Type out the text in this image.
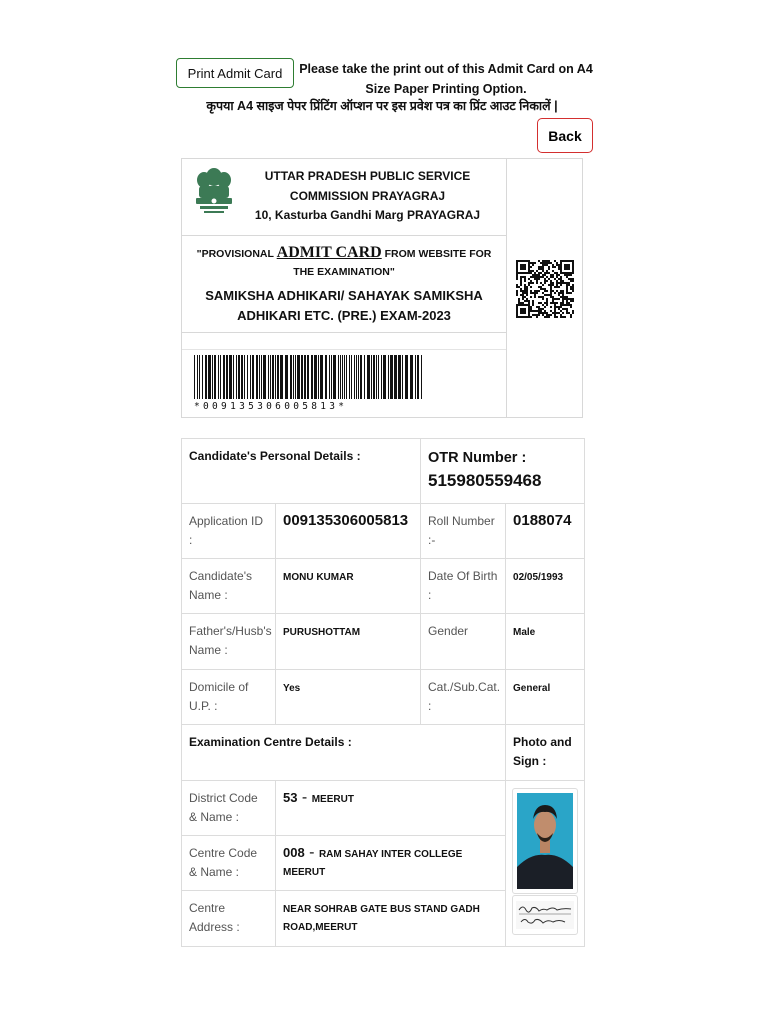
Print Admit Card	Please take the print out of this Admit Card on A4 Size Paper Printing Option.
कृपया A4 साइज पेपर प्रिंटिंग ऑप्शन पर इस प्रवेश पत्र का प्रिंट आउट निकालें |
Back
UTTAR PRADESH PUBLIC SERVICE
COMMISSION PRAYAGRAJ
10, Kasturba Gandhi Marg PRAYAGRAJ
"PROVISIONAL ADMIT CARD FROM WEBSITE FOR THE EXAMINATION"
SAMIKSHA ADHIKARI/ SAHAYAK SAMIKSHA ADHIKARI ETC. (PRE.) EXAM-2023
*009135306005813*
Candidate's Personal Details :		OTR Number :
515980559468	

Application ID :	009135306005813	Roll Number :-	0188074
Candidate's Name :	MONU KUMAR	Date Of Birth :	02/05/1993
Father's/Husb's Name :	PURUSHOTTAM	Gender	Male
Domicile of U.P. :	Yes	Cat./Sub.Cat. :	General
Examination Centre Details :			Photo and Sign :
District Code & Name :	53 - MEERUT		
Centre Code & Name :	008 - RAM SAHAY INTER COLLEGE MEERUT		
Centre Address :	NEAR SOHRAB GATE BUS STAND GADH ROAD,MEERUT		
